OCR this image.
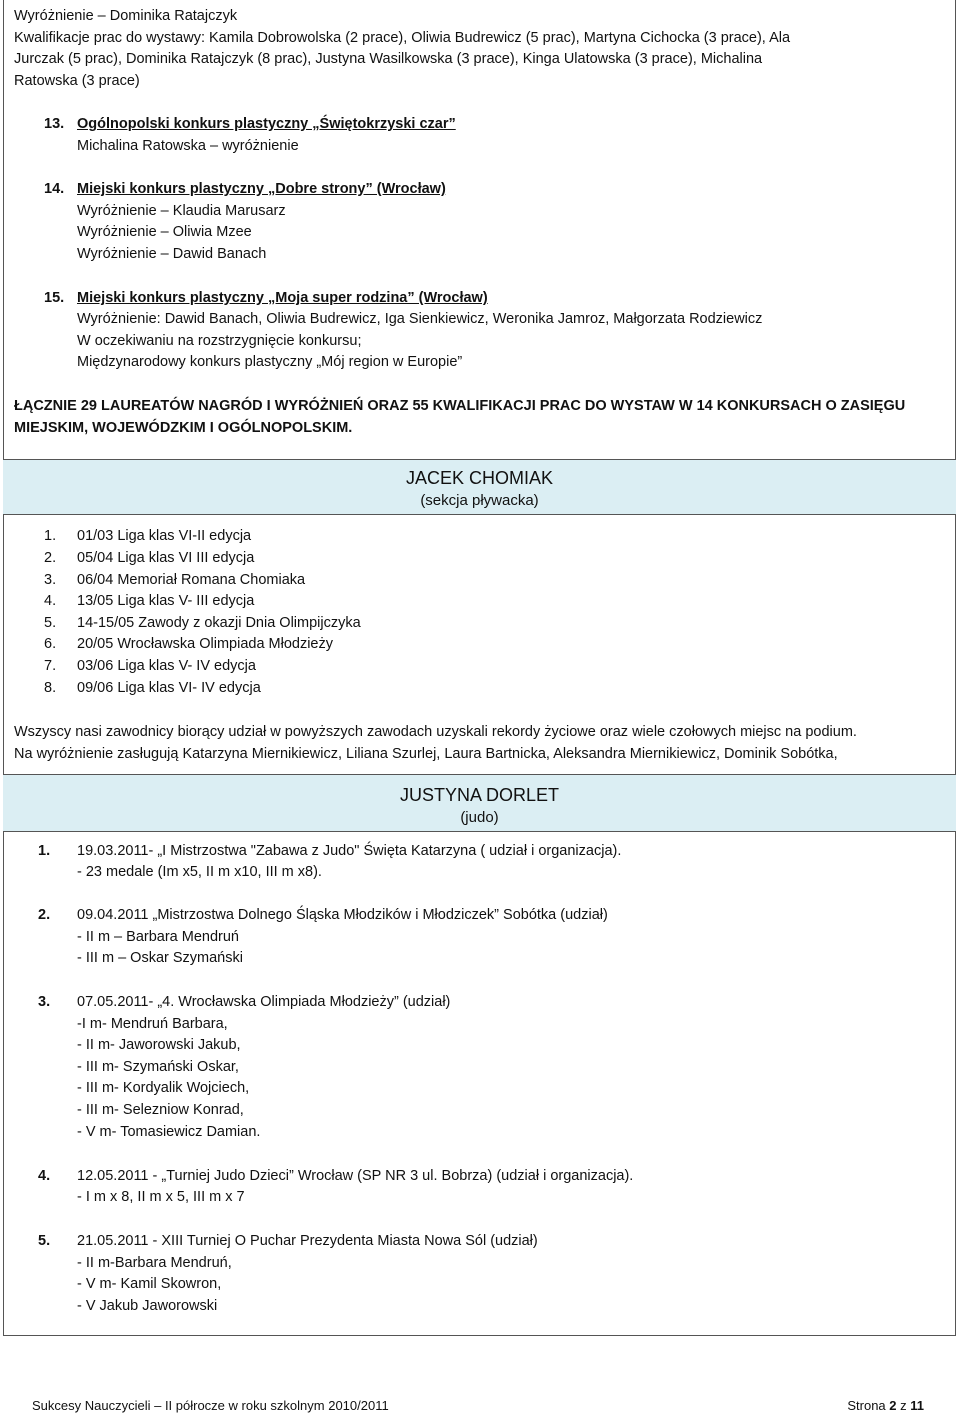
Wyróżnienie – Dominika Ratajczyk
Kwalifikacje prac do wystawy: Kamila Dobrowolska (2 prace), Oliwia Budrewicz (5 prac), Martyna Cichocka (3 prace), Ala
Jurczak (5 prac), Dominika Ratajczyk (8 prac), Justyna Wasilkowska (3 prace), Kinga Ulatowska (3 prace), Michalina
Ratowska (3 prace)
13. Ogólnopolski konkurs plastyczny „Świętokrzyski czar”
Michalina Ratowska – wyróżnienie
14. Miejski konkurs plastyczny „Dobre strony” (Wrocław)
Wyróżnienie – Klaudia Marusarz
Wyróżnienie – Oliwia Mzee
Wyróżnienie – Dawid Banach
15. Miejski konkurs plastyczny „Moja super rodzina” (Wrocław)
Wyróżnienie: Dawid Banach, Oliwia Budrewicz, Iga Sienkiewicz, Weronika Jamroz, Małgorzata Rodziewicz
W oczekiwaniu na rozstrzygnięcie konkursu;
Międzynarodowy konkurs plastyczny „Mój region w Europie”
ŁĄCZNIE 29 LAUREATÓW NAGRÓD I WYRÓŻNIEŃ ORAZ 55 KWALIFIKACJI PRAC DO WYSTAW W 14 KONKURSACH O ZASIĘGU
MIEJSKIM, WOJEWÓDZKIM I OGÓLNOPOLSKIM.
JACEK CHOMIAK
(sekcja pływacka)
1. 01/03 Liga klas VI-II edycja
2. 05/04 Liga klas VI III edycja
3. 06/04 Memoriał Romana Chomiaka
4. 13/05 Liga klas V- III edycja
5. 14-15/05 Zawody z okazji Dnia Olimpijczyka
6. 20/05 Wrocławska Olimpiada Młodzieży
7. 03/06 Liga klas V- IV edycja
8. 09/06 Liga klas VI- IV edycja
Wszyscy nasi zawodnicy biorący udział w powyższych zawodach uzyskali rekordy życiowe oraz wiele czołowych miejsc na podium.
Na wyróżnienie zasługują Katarzyna Miernikiewicz, Liliana Szurlej, Laura Bartnicka, Aleksandra Miernikiewicz, Dominik Sobótka,
JUSTYNA DORLET
(judo)
1. 19.03.2011- „I Mistrzostwa "Zabawa z Judo" Święta Katarzyna ( udział i organizacja).
- 23 medale (Im x5, II m x10, III m x8).
2. 09.04.2011 „Mistrzostwa Dolnego Śląska Młodzików i Młodziczek” Sobótka (udział)
- II m – Barbara Mendruń
- III m – Oskar Szymański
3. 07.05.2011- „4. Wrocławska Olimpiada Młodzieży” (udział)
-I m- Mendruń Barbara,
- II m- Jaworowski Jakub,
- III m- Szymański Oskar,
- III m- Kordyalik Wojciech,
- III m- Selezniow Konrad,
- V m- Tomasiewicz Damian.
4. 12.05.2011 - „Turniej Judo Dzieci” Wrocław (SP NR 3 ul. Bobrza) (udział i organizacja).
- I m x 8, II m x 5, III m x 7
5. 21.05.2011 - XIII Turniej O Puchar Prezydenta Miasta Nowa Sól (udział)
- II m-Barbara Mendruń,
- V m- Kamil Skowron,
- V Jakub Jaworowski
Sukcesy Nauczycieli – II półrocze w roku szkolnym 2010/2011	Strona 2 z 11
